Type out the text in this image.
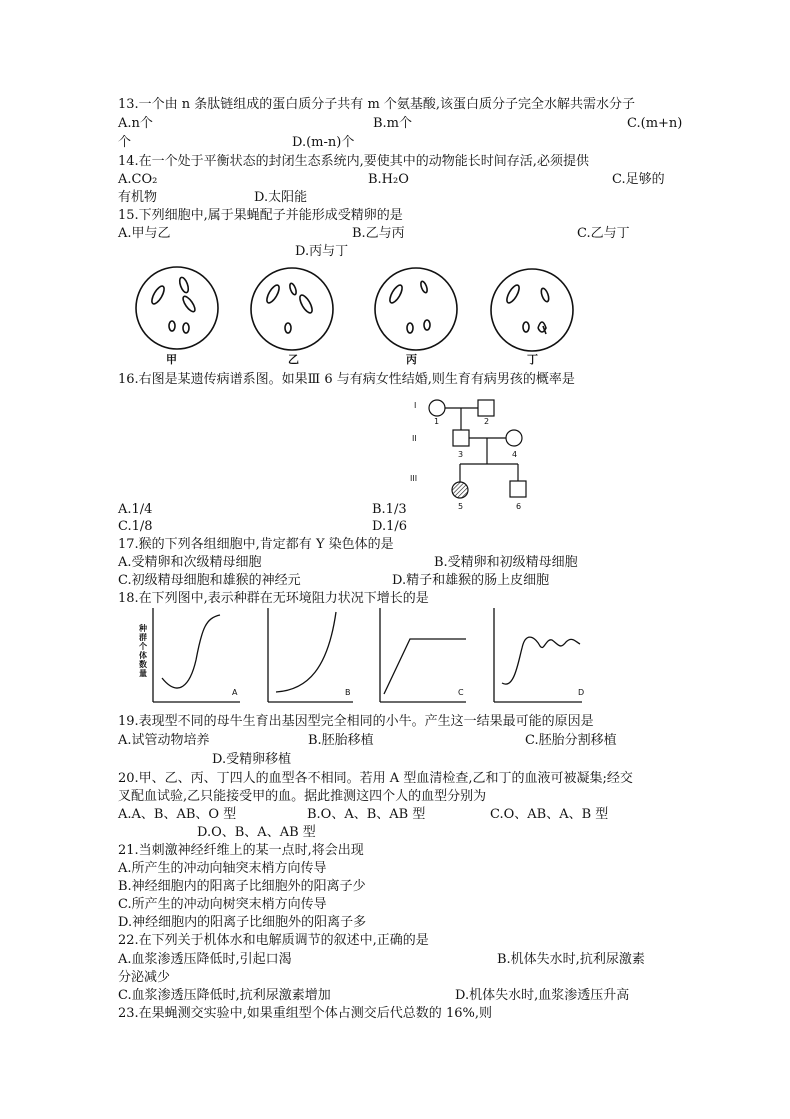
13.一个由 n 条肽链组成的蛋白质分子共有 m 个氨基酸,该蛋白质分子完全水解共需水分子
A.n个	B.m个	C.(m+n)
个	D.(m-n)个
14.在一个处于平衡状态的封闭生态系统内,要使其中的动物能长时间存活,必须提供
A.CO₂	B.H₂O	C.足够的
有机物	D.太阳能
15.下列细胞中,属于果蝇配子并能形成受精卵的是
A.甲与乙	B.乙与丙	C.乙与丁
D.丙与丁
甲	乙	丙	丁
16.右图是某遗传病谱系图。如果Ⅲ 6 与有病女性结婚,则生育有病男孩的概率是
I
II
III
1	2
3	4
5	6
A.1/4	B.1/3
C.1/8	D.1/6
17.猴的下列各组细胞中,肯定都有 Y 染色体的是
A.受精卵和次级精母细胞	B.受精卵和初级精母细胞
C.初级精母细胞和雄猴的神经元	D.精子和雄猴的肠上皮细胞
18.在下列图中,表示种群在无环境阻力状况下增长的是
种群个体数量
A	B	C	D
19.表现型不同的母牛生育出基因型完全相同的小牛。产生这一结果最可能的原因是
A.试管动物培养	B.胚胎移植	C.胚胎分割移植
D.受精卵移植
20.甲、乙、丙、丁四人的血型各不相同。若用 A 型血清检查,乙和丁的血液可被凝集;经交
叉配血试验,乙只能接受甲的血。据此推测这四个人的血型分别为
A.A、B、AB、O 型	B.O、A、B、AB 型	C.O、AB、A、B 型
D.O、B、A、AB 型
21.当刺激神经纤维上的某一点时,将会出现
A.所产生的冲动向轴突末梢方向传导
B.神经细胞内的阳离子比细胞外的阳离子少
C.所产生的冲动向树突末梢方向传导
D.神经细胞内的阳离子比细胞外的阳离子多
22.在下列关于机体水和电解质调节的叙述中,正确的是
A.血浆渗透压降低时,引起口渴	B.机体失水时,抗利尿激素
分泌减少
C.血浆渗透压降低时,抗利尿激素增加	D.机体失水时,血浆渗透压升高
23.在果蝇测交实验中,如果重组型个体占测交后代总数的 16%,则
